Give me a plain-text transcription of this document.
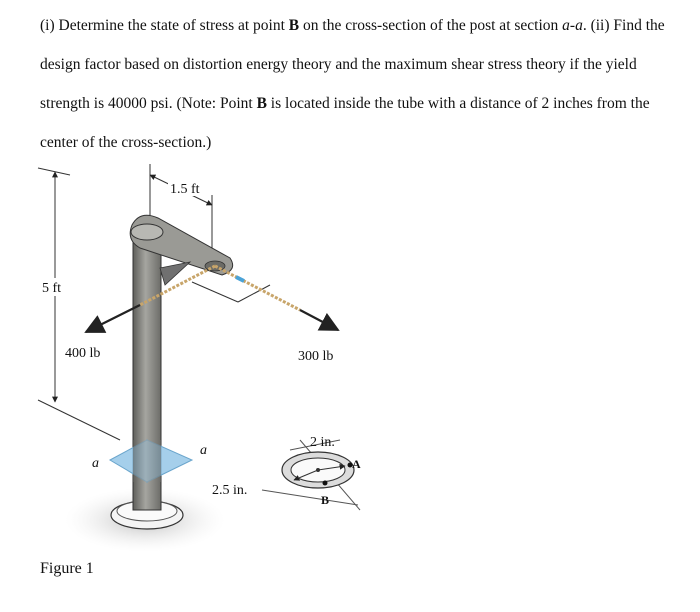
(i) Determine the state of stress at point B on the cross-section of the post at section a-a. (ii) Find the design factor based on distortion energy theory and the maximum shear stress theory if the yield strength is 40000 psi. (Note: Point B is located inside the tube with a distance of 2 inches from the center of the cross-section.)

5 ft
1.5 ft
a
a
400 lb	300 lb
2 in.
2.5 in.
A
B
Figure 1
